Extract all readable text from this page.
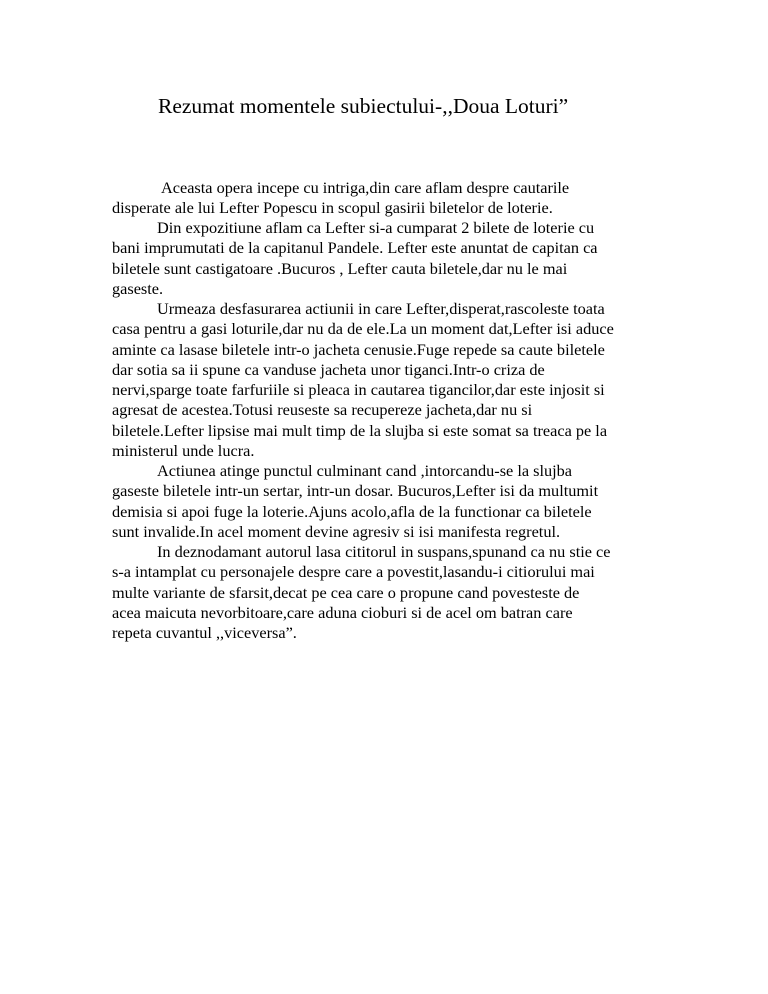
Rezumat momentele subiectului-,,Doua Loturi”
Aceasta opera incepe cu intriga,din care aflam despre cautarile
disperate ale lui Lefter Popescu in scopul gasirii biletelor de loterie.
Din expozitiune aflam ca Lefter si-a cumparat 2 bilete de loterie cu
bani imprumutati de la capitanul Pandele. Lefter este anuntat de capitan ca
biletele sunt castigatoare .Bucuros , Lefter cauta biletele,dar nu le mai
gaseste.
Urmeaza desfasurarea actiunii in care Lefter,disperat,rascoleste toata
casa pentru a gasi loturile,dar nu da de ele.La un moment dat,Lefter isi aduce
aminte ca lasase biletele intr-o jacheta cenusie.Fuge repede sa caute biletele
dar sotia sa ii spune ca vanduse jacheta unor tiganci.Intr-o criza de
nervi,sparge toate farfuriile si pleaca in cautarea tigancilor,dar este injosit si
agresat de acestea.Totusi reuseste sa recupereze jacheta,dar nu si
biletele.Lefter lipsise mai mult timp de la slujba si este somat sa treaca pe la
ministerul unde lucra.
Actiunea atinge punctul culminant cand ,intorcandu-se la slujba
gaseste biletele intr-un sertar, intr-un dosar. Bucuros,Lefter isi da multumit
demisia si apoi fuge la loterie.Ajuns acolo,afla de la functionar ca biletele
sunt invalide.In acel moment devine agresiv si isi manifesta regretul.
In deznodamant autorul lasa cititorul in suspans,spunand ca nu stie ce
s-a intamplat cu personajele despre care a povestit,lasandu-i citiorului mai
multe variante de sfarsit,decat pe cea care o propune cand povesteste de
acea maicuta nevorbitoare,care aduna cioburi si de acel om batran care
repeta cuvantul ,,viceversa”.
